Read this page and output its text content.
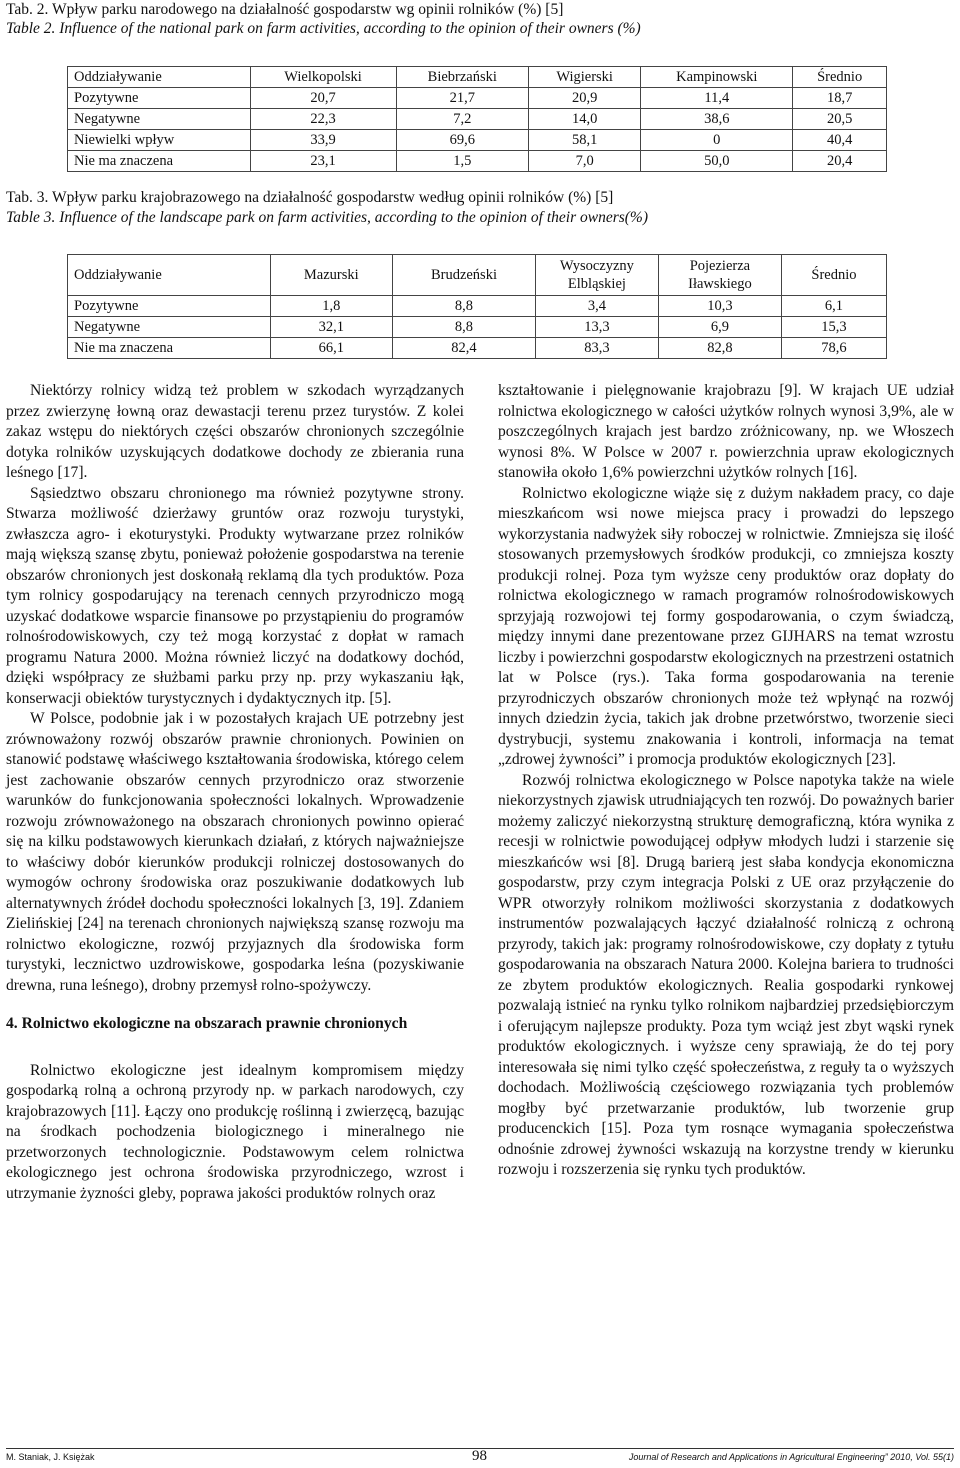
Tab. 2. Wpływ parku narodowego na działalność gospodarstw wg opinii rolników (%) [5]
Table 2. Influence of the national park on farm activities, according to the opinion of their owners (%)
Oddziaływanie	Wielkopolski	Biebrzański	Wigierski	Kampinowski	Średnio
Pozytywne	20,7	21,7	20,9	11,4	18,7
Negatywne	22,3	7,2	14,0	38,6	20,5
Niewielki wpływ	33,9	69,6	58,1	0	40,4
Nie ma znaczena	23,1	1,5	7,0	50,0	20,4
Tab. 3. Wpływ parku krajobrazowego na działalność gospodarstw według opinii rolników (%) [5]
Table 3. Influence of the landscape park on farm activities, according to the opinion of their owners(%)
Oddziaływanie	Mazurski	Brudzeński	Wysoczyzny Elbląskiej	Pojezierza Iławskiego	Średnio
Pozytywne	1,8	8,8	3,4	10,3	6,1
Negatywne	32,1	8,8	13,3	6,9	15,3
Nie ma znaczena	66,1	82,4	83,3	82,8	78,6

Niektórzy rolnicy widzą też problem w szkodach wyrządzanych przez zwierzynę łowną oraz dewastacji terenu przez turystów. Z kolei zakaz wstępu do niektórych części obszarów chronionych szczególnie dotyka rolników uzyskujących dodatkowe dochody ze zbierania runa leśnego [17].

Sąsiedztwo obszaru chronionego ma również pozytywne strony. Stwarza możliwość dzierżawy gruntów oraz rozwoju turystyki, zwłaszcza agro- i ekoturystyki. Produkty wytwarzane przez rolników mają większą szansę zbytu, ponieważ położenie gospodarstwa na terenie obszarów chronionych jest doskonałą reklamą dla tych produktów. Poza tym rolnicy gospodarujący na terenach cennych przyrodniczo mogą uzyskać dodatkowe wsparcie finansowe po przystąpieniu do programów rolnośrodowiskowych, czy też mogą korzystać z dopłat w ramach programu Natura 2000. Można również liczyć na dodatkowy dochód, dzięki współpracy ze służbami parku przy np. przy wykaszaniu łąk, konserwacji obiektów turystycznych i dydaktycznych itp. [5].

W Polsce, podobnie jak i w pozostałych krajach UE potrzebny jest zrównoważony rozwój obszarów prawnie chronionych. Powinien on stanowić podstawę właściwego kształtowania środowiska, którego celem jest zachowanie obszarów cennych przyrodniczo oraz stworzenie warunków do funkcjonowania społeczności lokalnych. Wprowadzenie rozwoju zrównoważonego na obszarach chronionych powinno opierać się na kilku podstawowych kierunkach działań, z których najważniejsze to właściwy dobór kierunków produkcji rolniczej dostosowanych do wymogów ochrony środowiska oraz poszukiwanie dodatkowych lub alternatywnych źródeł dochodu społeczności lokalnych [3, 19]. Zdaniem Zielińskiej [24] na terenach chronionych największą szansę rozwoju ma rolnictwo ekologiczne, rozwój przyjaznych dla środowiska form turystyki, lecznictwo uzdrowiskowe, gospodarka leśna (pozyskiwanie drewna, runa leśnego), drobny przemysł rolno-spożywczy.

4. Rolnictwo ekologiczne na obszarach prawnie chronionych

Rolnictwo ekologiczne jest idealnym kompromisem między gospodarką rolną a ochroną przyrody np. w parkach narodowych, czy krajobrazowych [11]. Łączy ono produkcję roślinną i zwierzęcą, bazując na środkach pochodzenia biologicznego i mineralnego nie przetworzonych technologicznie. Podstawowym celem rolnictwa ekologicznego jest ochrona środowiska przyrodniczego, wzrost i utrzymanie żyzności gleby, poprawa jakości produktów rolnych oraz

kształtowanie i pielęgnowanie krajobrazu [9]. W krajach UE udział rolnictwa ekologicznego w całości użytków rolnych wynosi 3,9%, ale w poszczególnych krajach jest bardzo zróżnicowany, np. we Włoszech wynosi 8%. W Polsce w 2007 r. powierzchnia upraw ekologicznych stanowiła około 1,6% powierzchni użytków rolnych [16].

Rolnictwo ekologiczne wiąże się z dużym nakładem pracy, co daje mieszkańcom wsi nowe miejsca pracy i prowadzi do lepszego wykorzystania nadwyżek siły roboczej w rolnictwie. Zmniejsza się ilość stosowanych przemysłowych środków produkcji, co zmniejsza koszty produkcji rolnej. Poza tym wyższe ceny produktów oraz dopłaty do rolnictwa ekologicznego w ramach programów rolnośrodowiskowych sprzyjają rozwojowi tej formy gospodarowania, o czym świadczą, między innymi dane prezentowane przez GIJHARS na temat wzrostu liczby i powierzchni gospodarstw ekologicznych na przestrzeni ostatnich lat w Polsce (rys.). Taka forma gospodarowania na terenie przyrodniczych obszarów chronionych może też wpłynąć na rozwój innych dziedzin życia, takich jak drobne przetwórstwo, tworzenie sieci dystrybucji, systemu znakowania i kontroli, informacja na temat „zdrowej żywności” i promocja produktów ekologicznych [23].

Rozwój rolnictwa ekologicznego w Polsce napotyka także na wiele niekorzystnych zjawisk utrudniających ten rozwój. Do poważnych barier możemy zaliczyć niekorzystną strukturę demograficzną, która wynika z recesji w rolnictwie powodującej odpływ młodych ludzi i starzenie się mieszkańców wsi [8]. Drugą barierą jest słaba kondycja ekonomiczna gospodarstw, przy czym integracja Polski z UE oraz przyłączenie do WPR otworzyły rolnikom możliwości skorzystania z dodatkowych instrumentów pozwalających łączyć działalność rolniczą z ochroną przyrody, takich jak: programy rolnośrodowiskowe, czy dopłaty z tytułu gospodarowania na obszarach Natura 2000. Kolejna bariera to trudności ze zbytem produktów ekologicznych. Realia gospodarki rynkowej pozwalają istnieć na rynku tylko rolnikom najbardziej przedsiębiorczym i oferującym najlepsze produkty. Poza tym wciąż jest zbyt wąski rynek produktów ekologicznych. i wyższe ceny sprawiają, że do tej pory interesowała się nimi tylko część społeczeństwa, z reguły ta o wyższych dochodach. Możliwością częściowego rozwiązania tych problemów mogłby być przetwarzanie produktów, lub tworzenie grup producenckich [15]. Poza tym rosnące wymagania społeczeństwa odnośnie zdrowej żywności wskazują na korzystne trendy w kierunku rozwoju i rozszerzenia się rynku tych produktów.

M. Staniak, J. Księżak	98	Journal of Research and Applications in Agricultural Engineering” 2010, Vol. 55(1)
